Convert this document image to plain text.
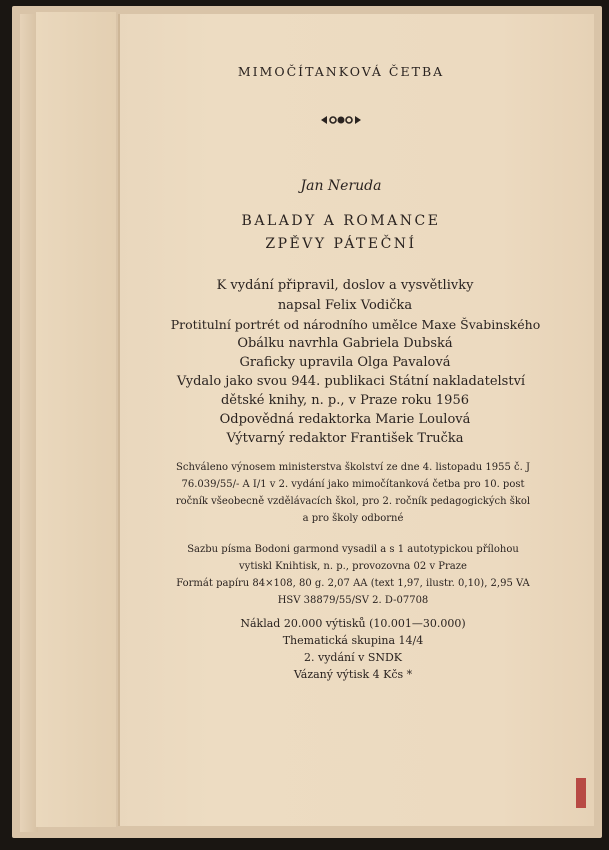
MIMOČÍTANKOVÁ ČETBA
Jan Neruda
BALADY A ROMANCE
ZPĚVY PÁTEČNÍ
K vydání připravil, doslov a vysvětlivky
napsal Felix Vodička
Protitulní portrét od národního umělce Maxe Švabinského
Obálku navrhla Gabriela Dubská
Graficky upravila Olga Pavalová
Vydalo jako svou 944. publikaci Státní nakladatelství
dětské knihy, n. p., v Praze roku 1956
Odpovědná redaktorka Marie Loulová
Výtvarný redaktor František Tručka
Schváleno výnosem ministerstva školství ze dne 4. listopadu 1955 č. J
76.039/55/- A I/1 v 2. vydání jako mimočítanková četba pro 10. post
ročník všeobecně vzdělávacích škol, pro 2. ročník pedagogických škol
a pro školy odborné
Sazbu písma Bodoni garmond vysadil a s 1 autotypickou přílohou
vytiskl Knihtisk, n. p., provozovna 02 v Praze
Formát papíru 84×108, 80 g. 2,07 AA (text 1,97, ilustr. 0,10), 2,95 VA
HSV 38879/55/SV 2. D-07708
Náklad 20.000 výtisků (10.001—30.000)
Thematická skupina 14/4
2. vydání v SNDK
Vázaný výtisk 4 Kčs *
